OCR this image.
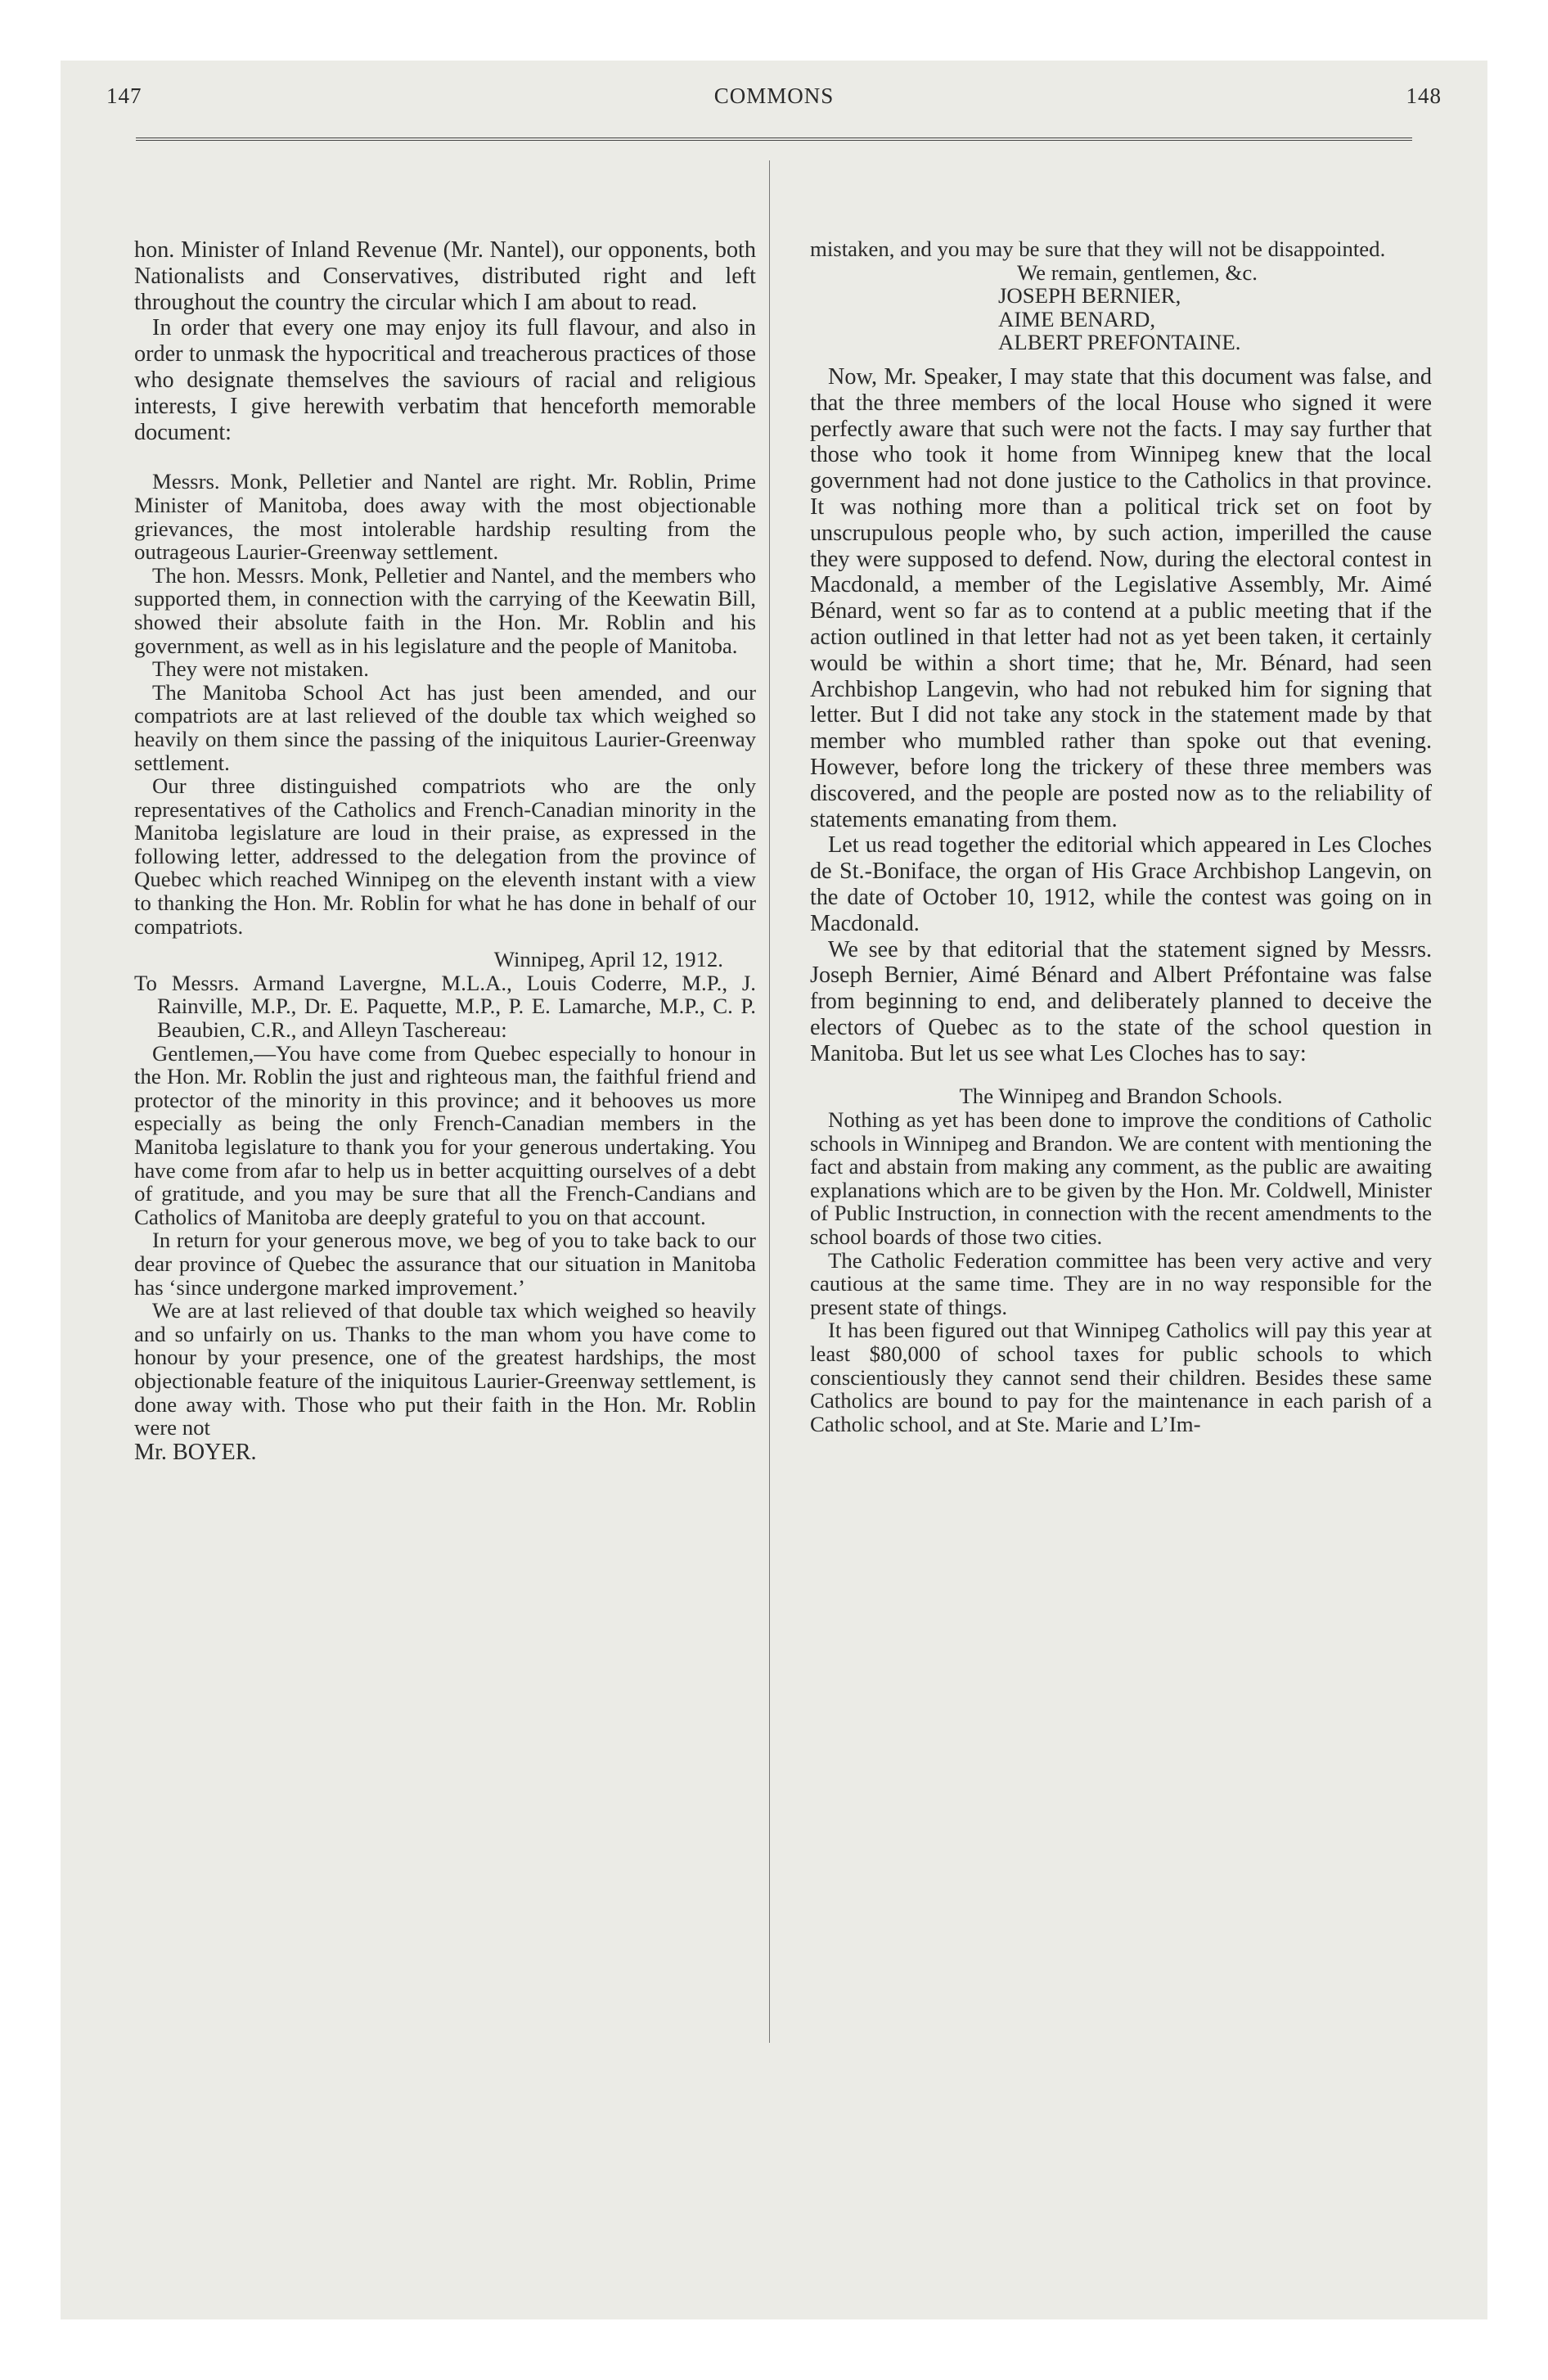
147	COMMONS	148

hon. Minister of Inland Revenue (Mr. Nantel), our opponents, both Nationalists and Conservatives, distributed right and left throughout the country the circular which I am about to read.

In order that every one may enjoy its full flavour, and also in order to unmask the hypocritical and treacherous practices of those who designate themselves the saviours of racial and religious interests, I give herewith verbatim that henceforth memorable document:

Messrs. Monk, Pelletier and Nantel are right. Mr. Roblin, Prime Minister of Manitoba, does away with the most objectionable grievances, the most intolerable hardship resulting from the outrageous Laurier-Greenway settlement.

The hon. Messrs. Monk, Pelletier and Nantel, and the members who supported them, in connection with the carrying of the Keewatin Bill, showed their absolute faith in the Hon. Mr. Roblin and his government, as well as in his legislature and the people of Manitoba.

They were not mistaken.

The Manitoba School Act has just been amended, and our compatriots are at last relieved of the double tax which weighed so heavily on them since the passing of the iniquitous Laurier-Greenway settlement.

Our three distinguished compatriots who are the only representatives of the Catholics and French-Canadian minority in the Manitoba legislature are loud in their praise, as expressed in the following letter, addressed to the delegation from the province of Quebec which reached Winnipeg on the eleventh instant with a view to thanking the Hon. Mr. Roblin for what he has done in behalf of our compatriots.

Winnipeg, April 12, 1912.

To Messrs. Armand Lavergne, M.L.A., Louis Coderre, M.P., J. Rainville, M.P., Dr. E. Paquette, M.P., P. E. Lamarche, M.P., C. P. Beaubien, C.R., and Alleyn Taschereau:

Gentlemen,—You have come from Quebec especially to honour in the Hon. Mr. Roblin the just and righteous man, the faithful friend and protector of the minority in this province; and it behooves us more especially as being the only French-Canadian members in the Manitoba legislature to thank you for your generous undertaking. You have come from afar to help us in better acquitting ourselves of a debt of gratitude, and you may be sure that all the French-Candians and Catholics of Manitoba are deeply grateful to you on that account.

In return for your generous move, we beg of you to take back to our dear province of Quebec the assurance that our situation in Manitoba has ‘since undergone marked improvement.’

We are at last relieved of that double tax which weighed so heavily and so unfairly on us. Thanks to the man whom you have come to honour by your presence, one of the greatest hardships, the most objectionable feature of the iniquitous Laurier-Greenway settlement, is done away with. Those who put their faith in the Hon. Mr. Roblin were not

Mr. BOYER.

mistaken, and you may be sure that they will not be disappointed.

We remain, gentlemen, &c.

JOSEPH BERNIER,

AIME BENARD,

ALBERT PREFONTAINE.

Now, Mr. Speaker, I may state that this document was false, and that the three members of the local House who signed it were perfectly aware that such were not the facts. I may say further that those who took it home from Winnipeg knew that the local government had not done justice to the Catholics in that province. It was nothing more than a political trick set on foot by unscrupulous people who, by such action, imperilled the cause they were supposed to defend. Now, during the electoral contest in Macdonald, a member of the Legislative Assembly, Mr. Aimé Bénard, went so far as to contend at a public meeting that if the action outlined in that letter had not as yet been taken, it certainly would be within a short time; that he, Mr. Bénard, had seen Archbishop Langevin, who had not rebuked him for signing that letter. But I did not take any stock in the statement made by that member who mumbled rather than spoke out that evening. However, before long the trickery of these three members was discovered, and the people are posted now as to the reliability of statements emanating from them.

Let us read together the editorial which appeared in Les Cloches de St.-Boniface, the organ of His Grace Archbishop Langevin, on the date of October 10, 1912, while the contest was going on in Macdonald.

We see by that editorial that the statement signed by Messrs. Joseph Bernier, Aimé Bénard and Albert Préfontaine was false from beginning to end, and deliberately planned to deceive the electors of Quebec as to the state of the school question in Manitoba. But let us see what Les Cloches has to say:

The Winnipeg and Brandon Schools.

Nothing as yet has been done to improve the conditions of Catholic schools in Winnipeg and Brandon. We are content with mentioning the fact and abstain from making any comment, as the public are awaiting explanations which are to be given by the Hon. Mr. Coldwell, Minister of Public Instruction, in connection with the recent amendments to the school boards of those two cities.

The Catholic Federation committee has been very active and very cautious at the same time. They are in no way responsible for the present state of things.

It has been figured out that Winnipeg Catholics will pay this year at least $80,000 of school taxes for public schools to which conscientiously they cannot send their children. Besides these same Catholics are bound to pay for the maintenance in each parish of a Catholic school, and at Ste. Marie and L’Im-
